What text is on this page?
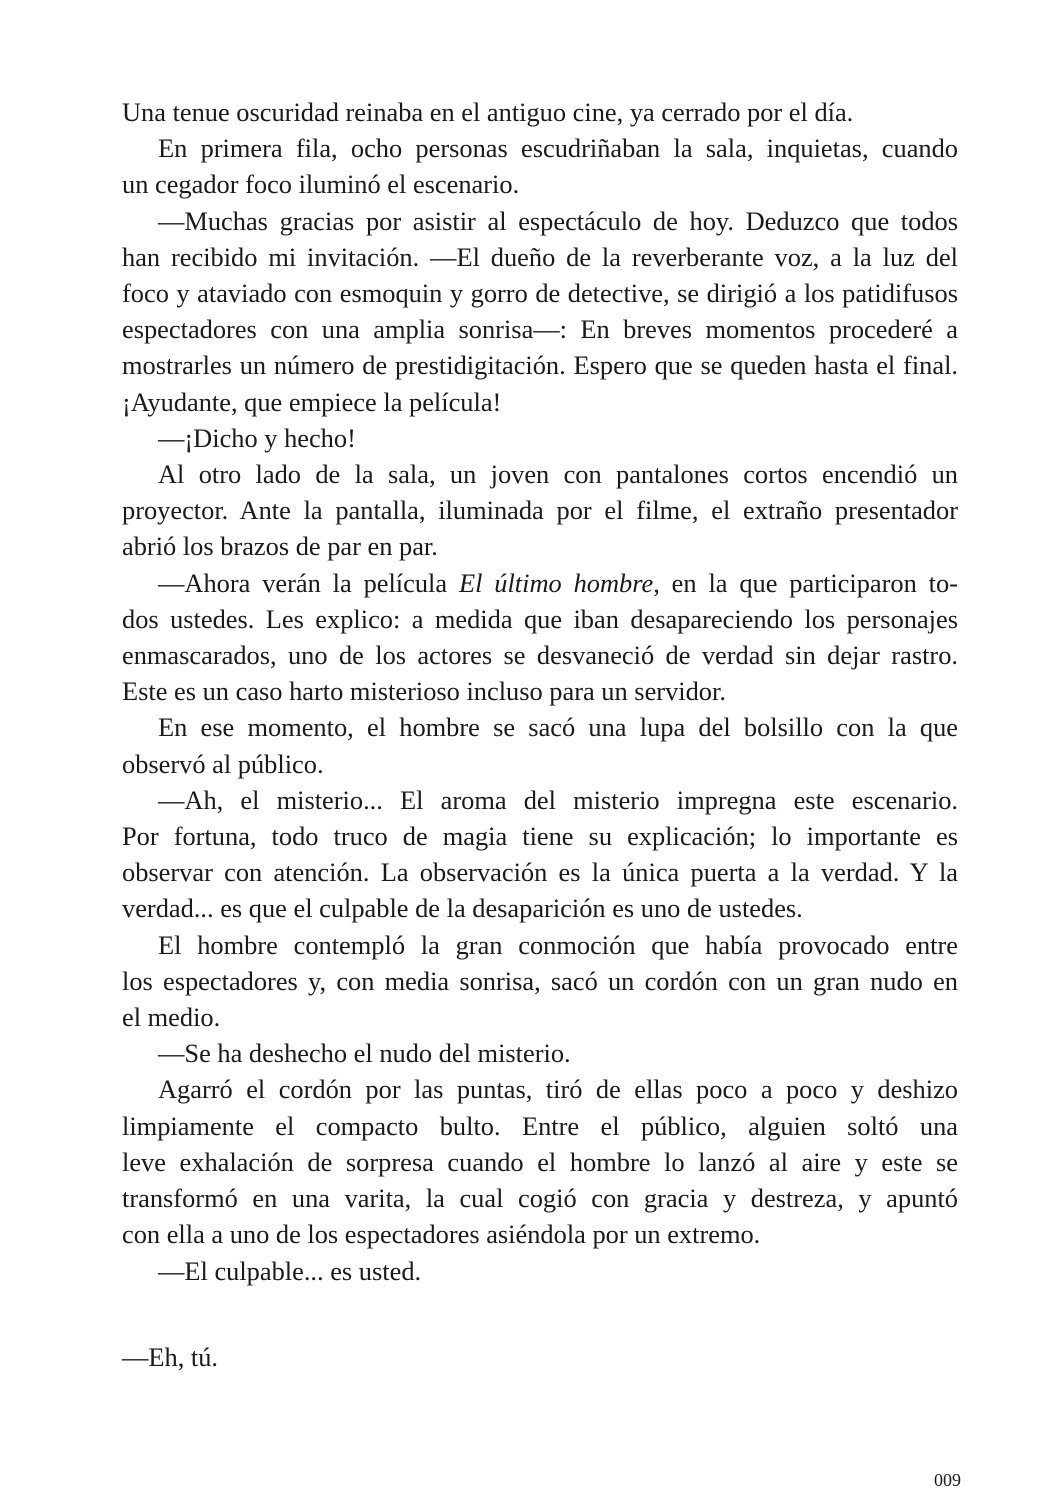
Una tenue oscuridad reinaba en el antiguo cine, ya cerrado por el día.
En primera fila, ocho personas escudriñaban la sala, inquietas, cuando
un cegador foco iluminó el escenario.
—Muchas gracias por asistir al espectáculo de hoy. Deduzco que todos
han recibido mi invitación. —El dueño de la reverberante voz, a la luz del
foco y ataviado con esmoquin y gorro de detective, se dirigió a los patidifusos
espectadores con una amplia sonrisa—: En breves momentos procederé a
mostrarles un número de prestidigitación. Espero que se queden hasta el final.
¡Ayudante, que empiece la película!
—¡Dicho y hecho!
Al otro lado de la sala, un joven con pantalones cortos encendió un
proyector. Ante la pantalla, iluminada por el filme, el extraño presentador
abrió los brazos de par en par.
—Ahora verán la película El último hombre, en la que participaron to-
dos ustedes. Les explico: a medida que iban desapareciendo los personajes
enmascarados, uno de los actores se desvaneció de verdad sin dejar rastro.
Este es un caso harto misterioso incluso para un servidor.
En ese momento, el hombre se sacó una lupa del bolsillo con la que
observó al público.
—Ah, el misterio... El aroma del misterio impregna este escenario.
Por fortuna, todo truco de magia tiene su explicación; lo importante es
observar con atención. La observación es la única puerta a la verdad. Y la
verdad... es que el culpable de la desaparición es uno de ustedes.
El hombre contempló la gran conmoción que había provocado entre
los espectadores y, con media sonrisa, sacó un cordón con un gran nudo en
el medio.
—Se ha deshecho el nudo del misterio.
Agarró el cordón por las puntas, tiró de ellas poco a poco y deshizo
limpiamente el compacto bulto. Entre el público, alguien soltó una
leve exhalación de sorpresa cuando el hombre lo lanzó al aire y este se
transformó en una varita, la cual cogió con gracia y destreza, y apuntó
con ella a uno de los espectadores asiéndola por un extremo.
—El culpable... es usted.
—Eh, tú.
009
